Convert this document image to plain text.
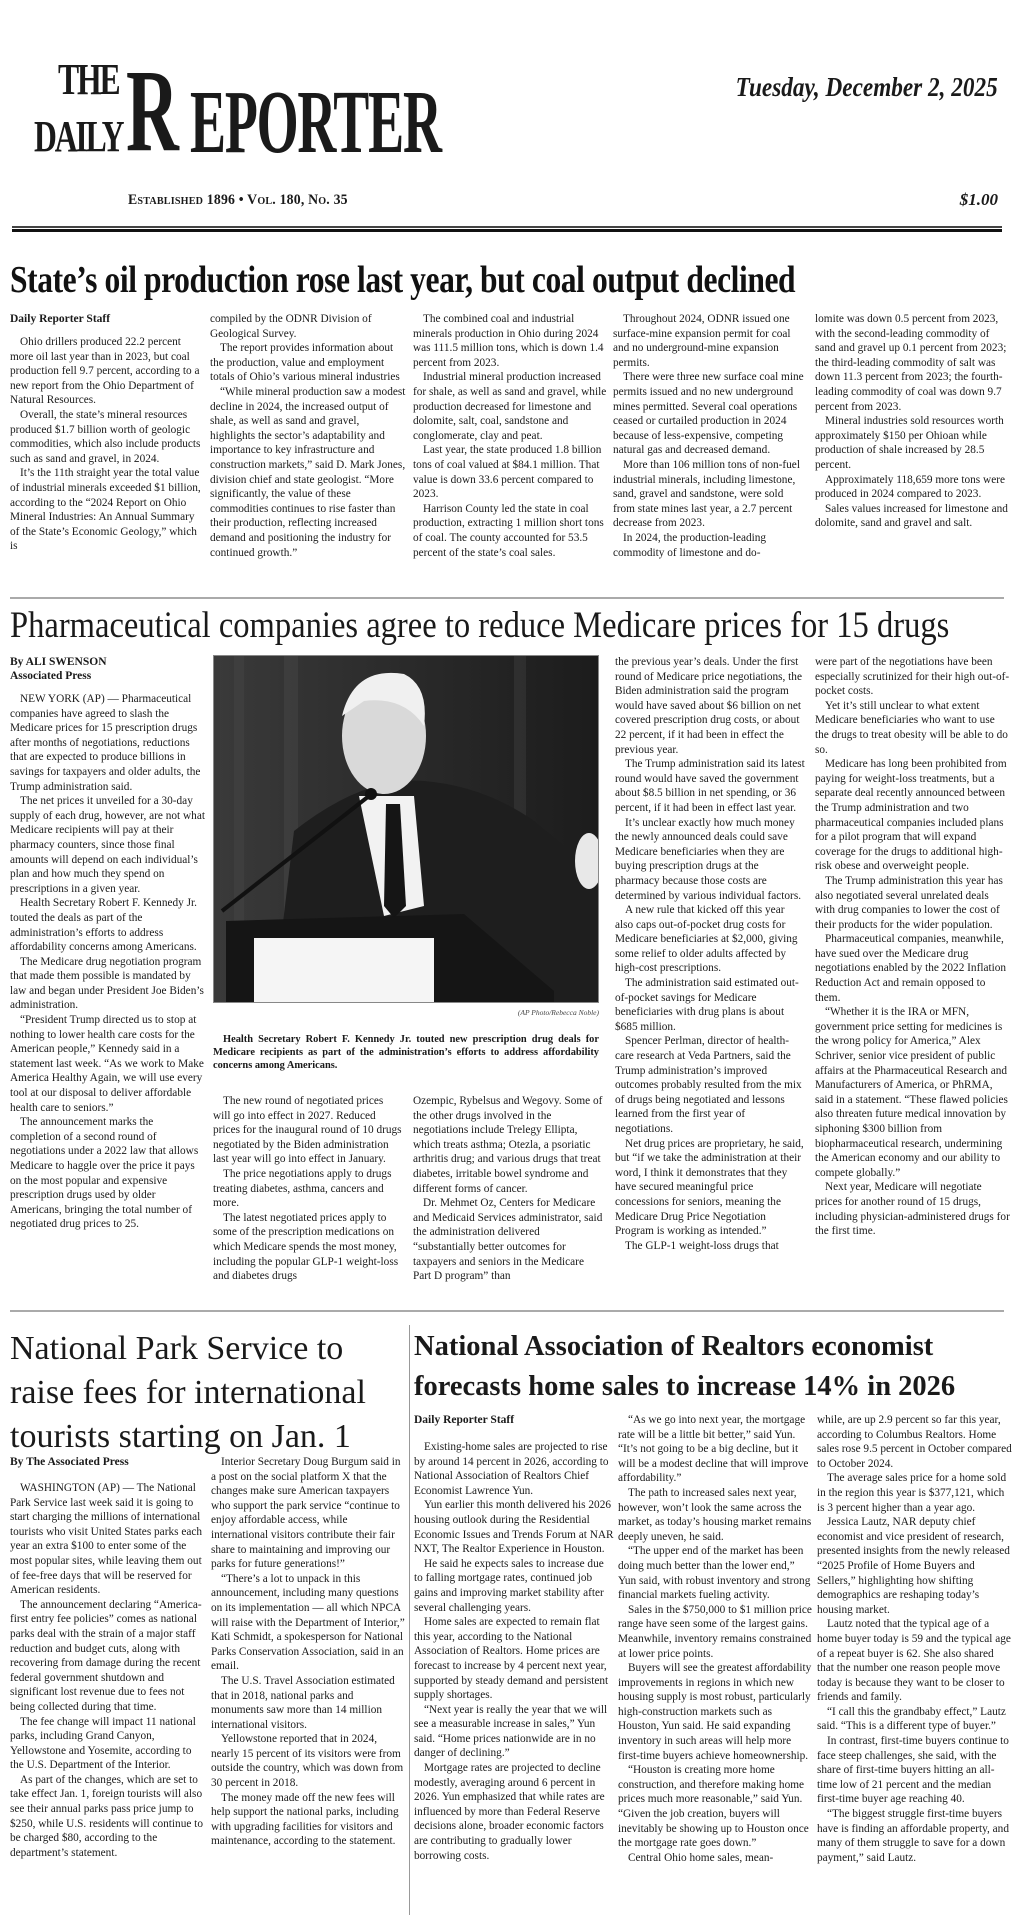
THE
DAILY R EPORTER
Established 1896 • Vol. 180, No. 35
Tuesday, December 2, 2025
$1.00
State’s oil production rose last year, but coal output declined

Daily Reporter Staff

Ohio drillers produced 22.2 percent more oil last year than in 2023, but coal production fell 9.7 percent, according to a new report from the Ohio Department of Natural Resources.

Overall, the state’s mineral resources produced $1.7 billion worth of geologic commodities, which also include products such as sand and gravel, in 2024.

It’s the 11th straight year the total value of industrial minerals exceeded $1 billion, according to the “2024 Report on Ohio Mineral Industries: An Annual Summary of the State’s Economic Geology,” which is

compiled by the ODNR Division of Geological Survey.

The report provides information about the production, value and employment totals of Ohio’s various mineral industries

“While mineral production saw a modest decline in 2024, the increased output of shale, as well as sand and gravel, highlights the sector’s adaptability and importance to key infrastructure and construction markets,” said D. Mark Jones, division chief and state geologist. “More significantly, the value of these commodities continues to rise faster than their production, reflecting increased demand and positioning the industry for continued growth.”

The combined coal and industrial minerals production in Ohio during 2024 was 111.5 million tons, which is down 1.4 percent from 2023.

Industrial mineral production increased for shale, as well as sand and gravel, while production decreased for limestone and dolomite, salt, coal, sandstone and conglomerate, clay and peat.

Last year, the state produced 1.8 billion tons of coal valued at $84.1 million. That value is down 33.6 percent compared to 2023.

Harrison County led the state in coal production, extracting 1 million short tons of coal. The county accounted for 53.5 percent of the state’s coal sales.

Throughout 2024, ODNR issued one surface-mine expansion permit for coal and no underground-mine expansion permits.

There were three new surface coal mine permits issued and no new underground mines permitted. Several coal operations ceased or curtailed production in 2024 because of less-expensive, competing natural gas and decreased demand.

More than 106 million tons of non-fuel industrial minerals, including limestone, sand, gravel and sandstone, were sold from state mines last year, a 2.7 percent decrease from 2023.

In 2024, the production-leading commodity of limestone and do-

lomite was down 0.5 percent from 2023, with the second-leading commodity of sand and gravel up 0.1 percent from 2023; the third-leading commodity of salt was down 11.3 percent from 2023; the fourth-leading commodity of coal was down 9.7 percent from 2023.

Mineral industries sold resources worth approximately $150 per Ohioan while production of shale increased by 28.5 percent.

Approximately 118,659 more tons were produced in 2024 compared to 2023.

Sales values increased for limestone and dolomite, sand and gravel and salt.

Pharmaceutical companies agree to reduce Medicare prices for 15 drugs

By ALI SWENSON

Associated Press

NEW YORK (AP) — Pharmaceutical companies have agreed to slash the Medicare prices for 15 prescription drugs after months of negotiations, reductions that are expected to produce billions in savings for taxpayers and older adults, the Trump administration said.

The net prices it unveiled for a 30-day supply of each drug, however, are not what Medicare recipients will pay at their pharmacy counters, since those final amounts will depend on each individual’s plan and how much they spend on prescriptions in a given year.

Health Secretary Robert F. Kennedy Jr. touted the deals as part of the administration’s efforts to address affordability concerns among Americans.

The Medicare drug negotiation program that made them possible is mandated by law and began under President Joe Biden’s administration.

“President Trump directed us to stop at nothing to lower health care costs for the American people,” Kennedy said in a statement last week. “As we work to Make America Healthy Again, we will use every tool at our disposal to deliver affordable health care to seniors.”

The announcement marks the completion of a second round of negotiations under a 2022 law that allows Medicare to haggle over the price it pays on the most popular and expensive prescription drugs used by older Americans, bringing the total number of negotiated drug prices to 25.

(AP Photo/Rebecca Noble)
Health Secretary Robert F. Kennedy Jr. touted new prescription drug deals for Medicare recipients as part of the administration’s efforts to address affordability concerns among Americans.

The new round of negotiated prices will go into effect in 2027. Reduced prices for the inaugural round of 10 drugs negotiated by the Biden administration last year will go into effect in January.

The price negotiations apply to drugs treating diabetes, asthma, cancers and more.

The latest negotiated prices apply to some of the prescription medications on which Medicare spends the most money, including the popular GLP-1 weight-loss and diabetes drugs

Ozempic, Rybelsus and Wegovy. Some of the other drugs involved in the negotiations include Trelegy Ellipta, which treats asthma; Otezla, a psoriatic arthritis drug; and various drugs that treat diabetes, irritable bowel syndrome and different forms of cancer.

Dr. Mehmet Oz, Centers for Medicare and Medicaid Services administrator, said the administration delivered “substantially better outcomes for taxpayers and seniors in the Medicare Part D program” than

the previous year’s deals. Under the first round of Medicare price negotiations, the Biden administration said the program would have saved about $6 billion on net covered prescription drug costs, or about 22 percent, if it had been in effect the previous year.

The Trump administration said its latest round would have saved the government about $8.5 billion in net spending, or 36 percent, if it had been in effect last year.

It’s unclear exactly how much money the newly announced deals could save Medicare beneficiaries when they are buying prescription drugs at the pharmacy because those costs are determined by various individual factors.

A new rule that kicked off this year also caps out-of-pocket drug costs for Medicare beneficiaries at $2,000, giving some relief to older adults affected by high-cost prescriptions.

The administration said estimated out-of-pocket savings for Medicare beneficiaries with drug plans is about $685 million.

Spencer Perlman, director of health-care research at Veda Partners, said the Trump administration’s improved outcomes probably resulted from the mix of drugs being negotiated and lessons learned from the first year of negotiations.

Net drug prices are proprietary, he said, but “if we take the administration at their word, I think it demonstrates that they have secured meaningful price concessions for seniors, meaning the Medicare Drug Price Negotiation Program is working as intended.”

The GLP-1 weight-loss drugs that

were part of the negotiations have been especially scrutinized for their high out-of-pocket costs.

Yet it’s still unclear to what extent Medicare beneficiaries who want to use the drugs to treat obesity will be able to do so.

Medicare has long been prohibited from paying for weight-loss treatments, but a separate deal recently announced between the Trump administration and two pharmaceutical companies included plans for a pilot program that will expand coverage for the drugs to additional high-risk obese and overweight people.

The Trump administration this year has also negotiated several unrelated deals with drug companies to lower the cost of their products for the wider population.

Pharmaceutical companies, meanwhile, have sued over the Medicare drug negotiations enabled by the 2022 Inflation Reduction Act and remain opposed to them.

“Whether it is the IRA or MFN, government price setting for medicines is the wrong policy for America,” Alex Schriver, senior vice president of public affairs at the Pharmaceutical Research and Manufacturers of America, or PhRMA, said in a statement. “These flawed policies also threaten future medical innovation by siphoning $300 billion from biopharmaceutical research, undermining the American economy and our ability to compete globally.”

Next year, Medicare will negotiate prices for another round of 15 drugs, including physician-administered drugs for the first time.

National Park Service to raise fees for international tourists starting on Jan. 1

By The Associated Press

WASHINGTON (AP) — The National Park Service last week said it is going to start charging the millions of international tourists who visit United States parks each year an extra $100 to enter some of the most popular sites, while leaving them out of fee-free days that will be reserved for American residents.

The announcement declaring “America-first entry fee policies” comes as national parks deal with the strain of a major staff reduction and budget cuts, along with recovering from damage during the recent federal government shutdown and significant lost revenue due to fees not being collected during that time.

The fee change will impact 11 national parks, including Grand Canyon, Yellowstone and Yosemite, according to the U.S. Department of the Interior.

As part of the changes, which are set to take effect Jan. 1, foreign tourists will also see their annual parks pass price jump to $250, while U.S. residents will continue to be charged $80, according to the department’s statement.

Interior Secretary Doug Burgum said in a post on the social platform X that the changes make sure American taxpayers who support the park service “continue to enjoy affordable access, while international visitors contribute their fair share to maintaining and improving our parks for future generations!”

“There’s a lot to unpack in this announcement, including many questions on its implementation — all which NPCA will raise with the Department of Interior,” Kati Schmidt, a spokesperson for National Parks Conservation Association, said in an email.

The U.S. Travel Association estimated that in 2018, national parks and monuments saw more than 14 million international visitors.

Yellowstone reported that in 2024, nearly 15 percent of its visitors were from outside the country, which was down from 30 percent in 2018.

The money made off the new fees will help support the national parks, including with upgrading facilities for visitors and maintenance, according to the statement.

National Association of Realtors economist
forecasts home sales to increase 14% in 2026

Daily Reporter Staff

Existing-home sales are projected to rise by around 14 percent in 2026, according to National Association of Realtors Chief Economist Lawrence Yun.

Yun earlier this month delivered his 2026 housing outlook during the Residential Economic Issues and Trends Forum at NAR NXT, The Realtor Experience in Houston.

He said he expects sales to increase due to falling mortgage rates, continued job gains and improving market stability after several challenging years.

Home sales are expected to remain flat this year, according to the National Association of Realtors. Home prices are forecast to increase by 4 percent next year, supported by steady demand and persistent supply shortages.

“Next year is really the year that we will see a measurable increase in sales,” Yun said. “Home prices nationwide are in no danger of declining.”

Mortgage rates are projected to decline modestly, averaging around 6 percent in 2026. Yun emphasized that while rates are influenced by more than Federal Reserve decisions alone, broader economic factors are contributing to gradually lower borrowing costs.

“As we go into next year, the mortgage rate will be a little bit better,” said Yun. “It’s not going to be a big decline, but it will be a modest decline that will improve affordability.”

The path to increased sales next year, however, won’t look the same across the market, as today’s housing market remains deeply uneven, he said.

“The upper end of the market has been doing much better than the lower end,” Yun said, with robust inventory and strong financial markets fueling activity.

Sales in the $750,000 to $1 million price range have seen some of the largest gains. Meanwhile, inventory remains constrained at lower price points.

Buyers will see the greatest affordability improvements in regions in which new housing supply is most robust, particularly high-construction markets such as Houston, Yun said. He said expanding inventory in such areas will help more first-time buyers achieve homeownership.

“Houston is creating more home construction, and therefore making home prices much more reasonable,” said Yun. “Given the job creation, buyers will inevitably be showing up to Houston once the mortgage rate goes down.”

Central Ohio home sales, mean-

while, are up 2.9 percent so far this year, according to Columbus Realtors. Home sales rose 9.5 percent in October compared to October 2024.

The average sales price for a home sold in the region this year is $377,121, which is 3 percent higher than a year ago.

Jessica Lautz, NAR deputy chief economist and vice president of research, presented insights from the newly released “2025 Profile of Home Buyers and Sellers,” highlighting how shifting demographics are reshaping today’s housing market.

Lautz noted that the typical age of a home buyer today is 59 and the typical age of a repeat buyer is 62. She also shared that the number one reason people move today is because they want to be closer to friends and family.

“I call this the grandbaby effect,” Lautz said. “This is a different type of buyer.”

In contrast, first-time buyers continue to face steep challenges, she said, with the share of first-time buyers hitting an all-time low of 21 percent and the median first-time buyer age reaching 40.

“The biggest struggle first-time buyers have is finding an affordable property, and many of them struggle to save for a down payment,” said Lautz.
